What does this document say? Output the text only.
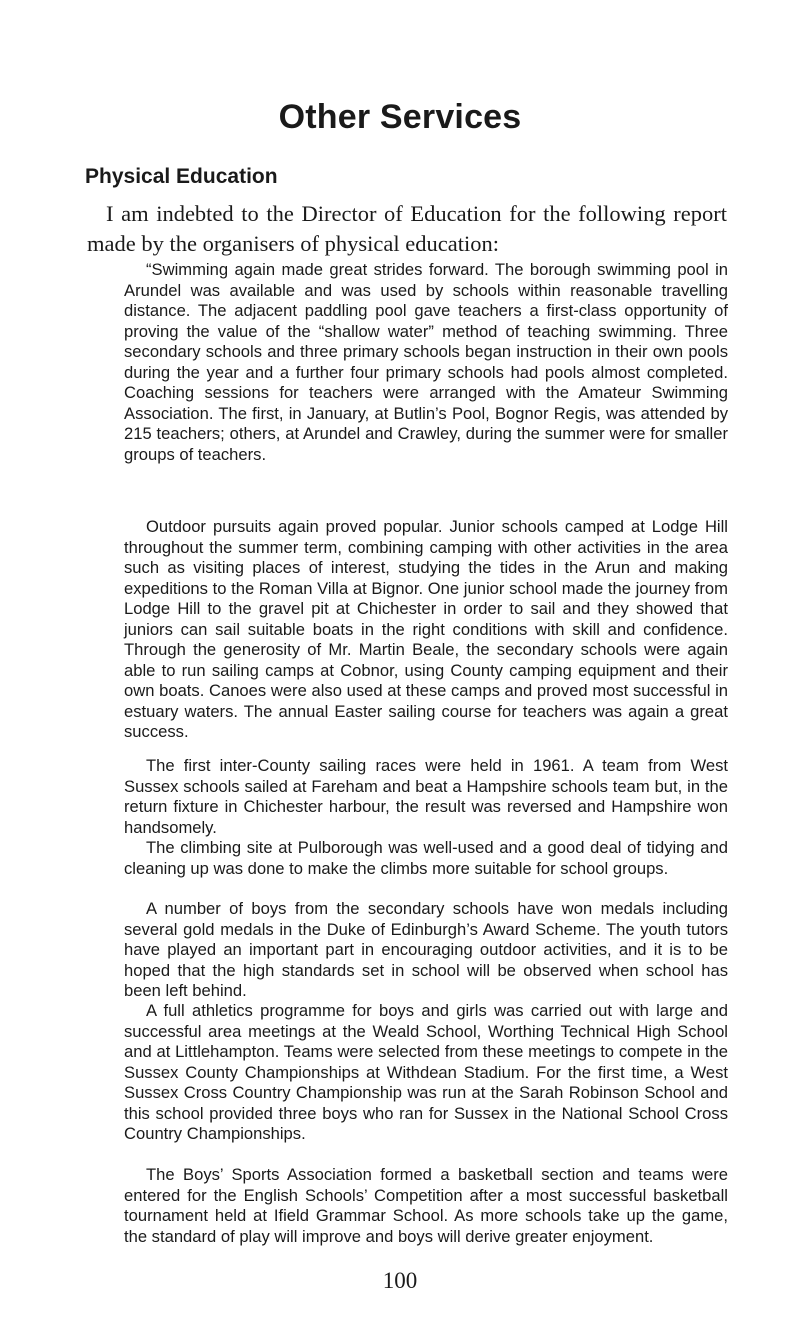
Other Services
Physical Education

I am indebted to the Director of Education for the following report made by the organisers of physical education:

“Swimming again made great strides forward. The borough swimming pool in Arundel was available and was used by schools within reasonable travelling distance. The adjacent paddling pool gave teachers a first-class opportunity of proving the value of the “shallow water” method of teaching swimming. Three secondary schools and three primary schools began instruction in their own pools during the year and a further four primary schools had pools almost completed. Coaching sessions for teachers were arranged with the Amateur Swimming Association. The first, in January, at Butlin’s Pool, Bognor Regis, was attended by 215 teachers; others, at Arundel and Crawley, during the summer were for smaller groups of teachers.

Outdoor pursuits again proved popular. Junior schools camped at Lodge Hill throughout the summer term, combining camping with other activities in the area such as visiting places of interest, studying the tides in the Arun and making expeditions to the Roman Villa at Bignor. One junior school made the journey from Lodge Hill to the gravel pit at Chichester in order to sail and they showed that juniors can sail suitable boats in the right conditions with skill and confidence. Through the generosity of Mr. Martin Beale, the secondary schools were again able to run sailing camps at Cobnor, using County camping equipment and their own boats. Canoes were also used at these camps and proved most successful in estuary waters. The annual Easter sailing course for teachers was again a great success.

The first inter-County sailing races were held in 1961. A team from West Sussex schools sailed at Fareham and beat a Hampshire schools team but, in the return fixture in Chichester harbour, the result was reversed and Hampshire won handsomely.

The climbing site at Pulborough was well-used and a good deal of tidying and cleaning up was done to make the climbs more suitable for school groups.

A number of boys from the secondary schools have won medals including several gold medals in the Duke of Edinburgh’s Award Scheme. The youth tutors have played an important part in encouraging outdoor activities, and it is to be hoped that the high standards set in school will be observed when school has been left behind.

A full athletics programme for boys and girls was carried out with large and successful area meetings at the Weald School, Worthing Technical High School and at Littlehampton. Teams were selected from these meetings to compete in the Sussex County Championships at Withdean Stadium. For the first time, a West Sussex Cross Country Championship was run at the Sarah Robinson School and this school provided three boys who ran for Sussex in the National School Cross Country Championships.

The Boys’ Sports Association formed a basketball section and teams were entered for the English Schools’ Competition after a most successful basketball tournament held at Ifield Grammar School. As more schools take up the game, the standard of play will improve and boys will derive greater enjoyment.

100
